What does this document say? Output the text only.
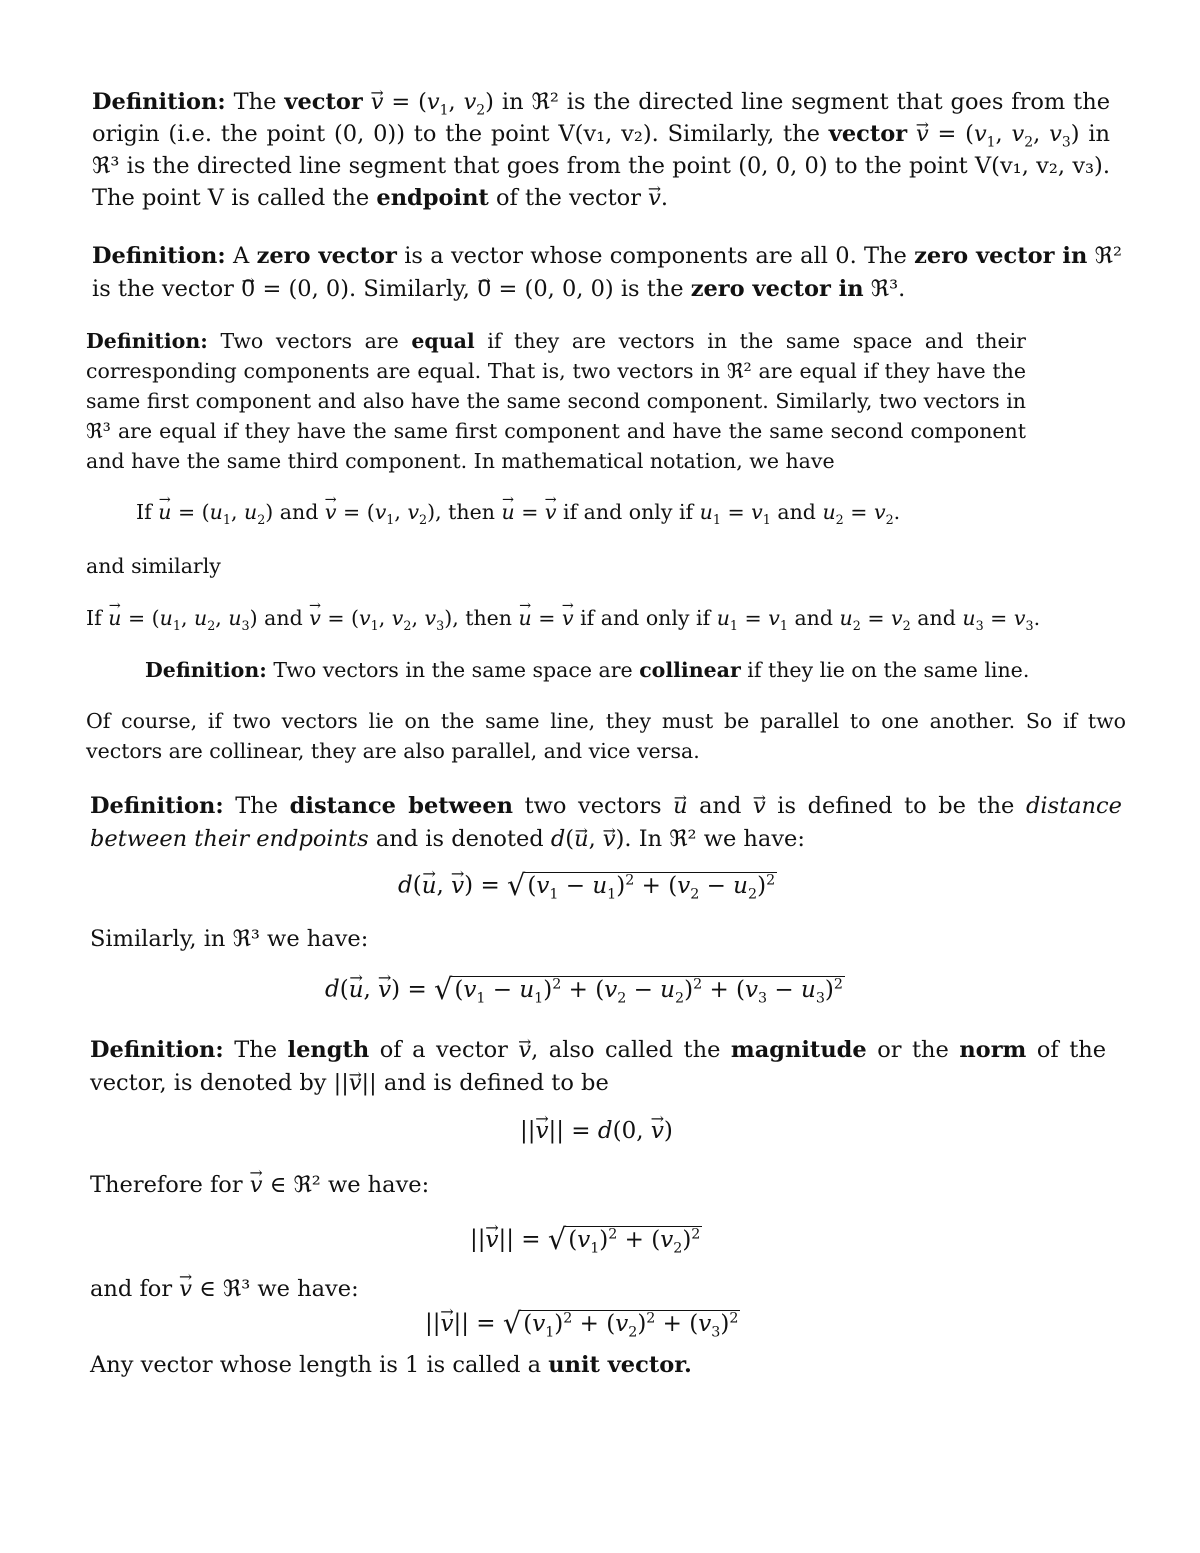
Definition: The vector → $v = (v_1$, $v_2$) in ℜ² is the directed line segment that goes from the origin (i.e. the point (0, 0)) to the point V(v₁, v₂). Similarly, the vector → $v = (v_1$, $v_2$, $v_3$) in ℜ³ is the directed line segment that goes from the point (0, 0, 0) to the point V(v₁, v₂, v₃). The point V is called the endpoint of the vector → v.

Definition: A zero vector is a vector whose components are all 0. The zero vector in ℜ² is the vector → 0 = (0, 0). Similarly, → 0 = (0, 0, 0) is the zero vector in ℜ³.

Definition: Two vectors are equal if they are vectors in the same space and their corresponding components are equal. That is, two vectors in ℜ² are equal if they have the same first component and also have the same second component. Similarly, two vectors in ℜ³ are equal if they have the same first component and have the same second component and have the same third component. In mathematical notation, we have

$If \to u = (u_1$, $u_2$) and → $v = (v_1$, $v_2$), then → u = → v if and only if $u_1 = v_1$ and $u_2 = v_2$.
and similarly
$If \to u = (u_1$, $u_2$, $u_3$) and → $v = (v_1$, $v_2$, $v_3$), then → u = → v if and only if $u_1 = v_1$ and $u_2 = v_2$ and $u_3 = v_3$.
Definition: Two vectors in the same space are collinear if they lie on the same line.

Of course, if two vectors lie on the same line, they must be parallel to one another. So if two vectors are collinear, they are also parallel, and vice versa.

Definition: The distance between two vectors → u and → v is defined to be the distance between their endpoints and is denoted d(→ u, → v). In ℜ² we have:

d(→ u, → $v) = √(v_1 - u_1)^2 + (v_2 - u_2)^2$
Similarly, in ℜ³ we have:
d(→ u, → $v) = √(v_1 - u_1)^2 + (v_2 - u_2)^2 + (v_3 - u_3)^2$

Definition: The length of a vector → v, also called the magnitude or the norm of the vector, is denoted by ||→ v|| and is defined to be

||→ v|| = d(0, → v)
Therefore for → v ∈ ℜ² we have:
||→ $v|| = √(v_1)^2 + (v_2)^2$
and for → v ∈ ℜ³ we have:
||→ $v|| = √(v_1)^2 + (v_2)^2 + (v_3)^2$
Any vector whose length is 1 is called a unit vector.
